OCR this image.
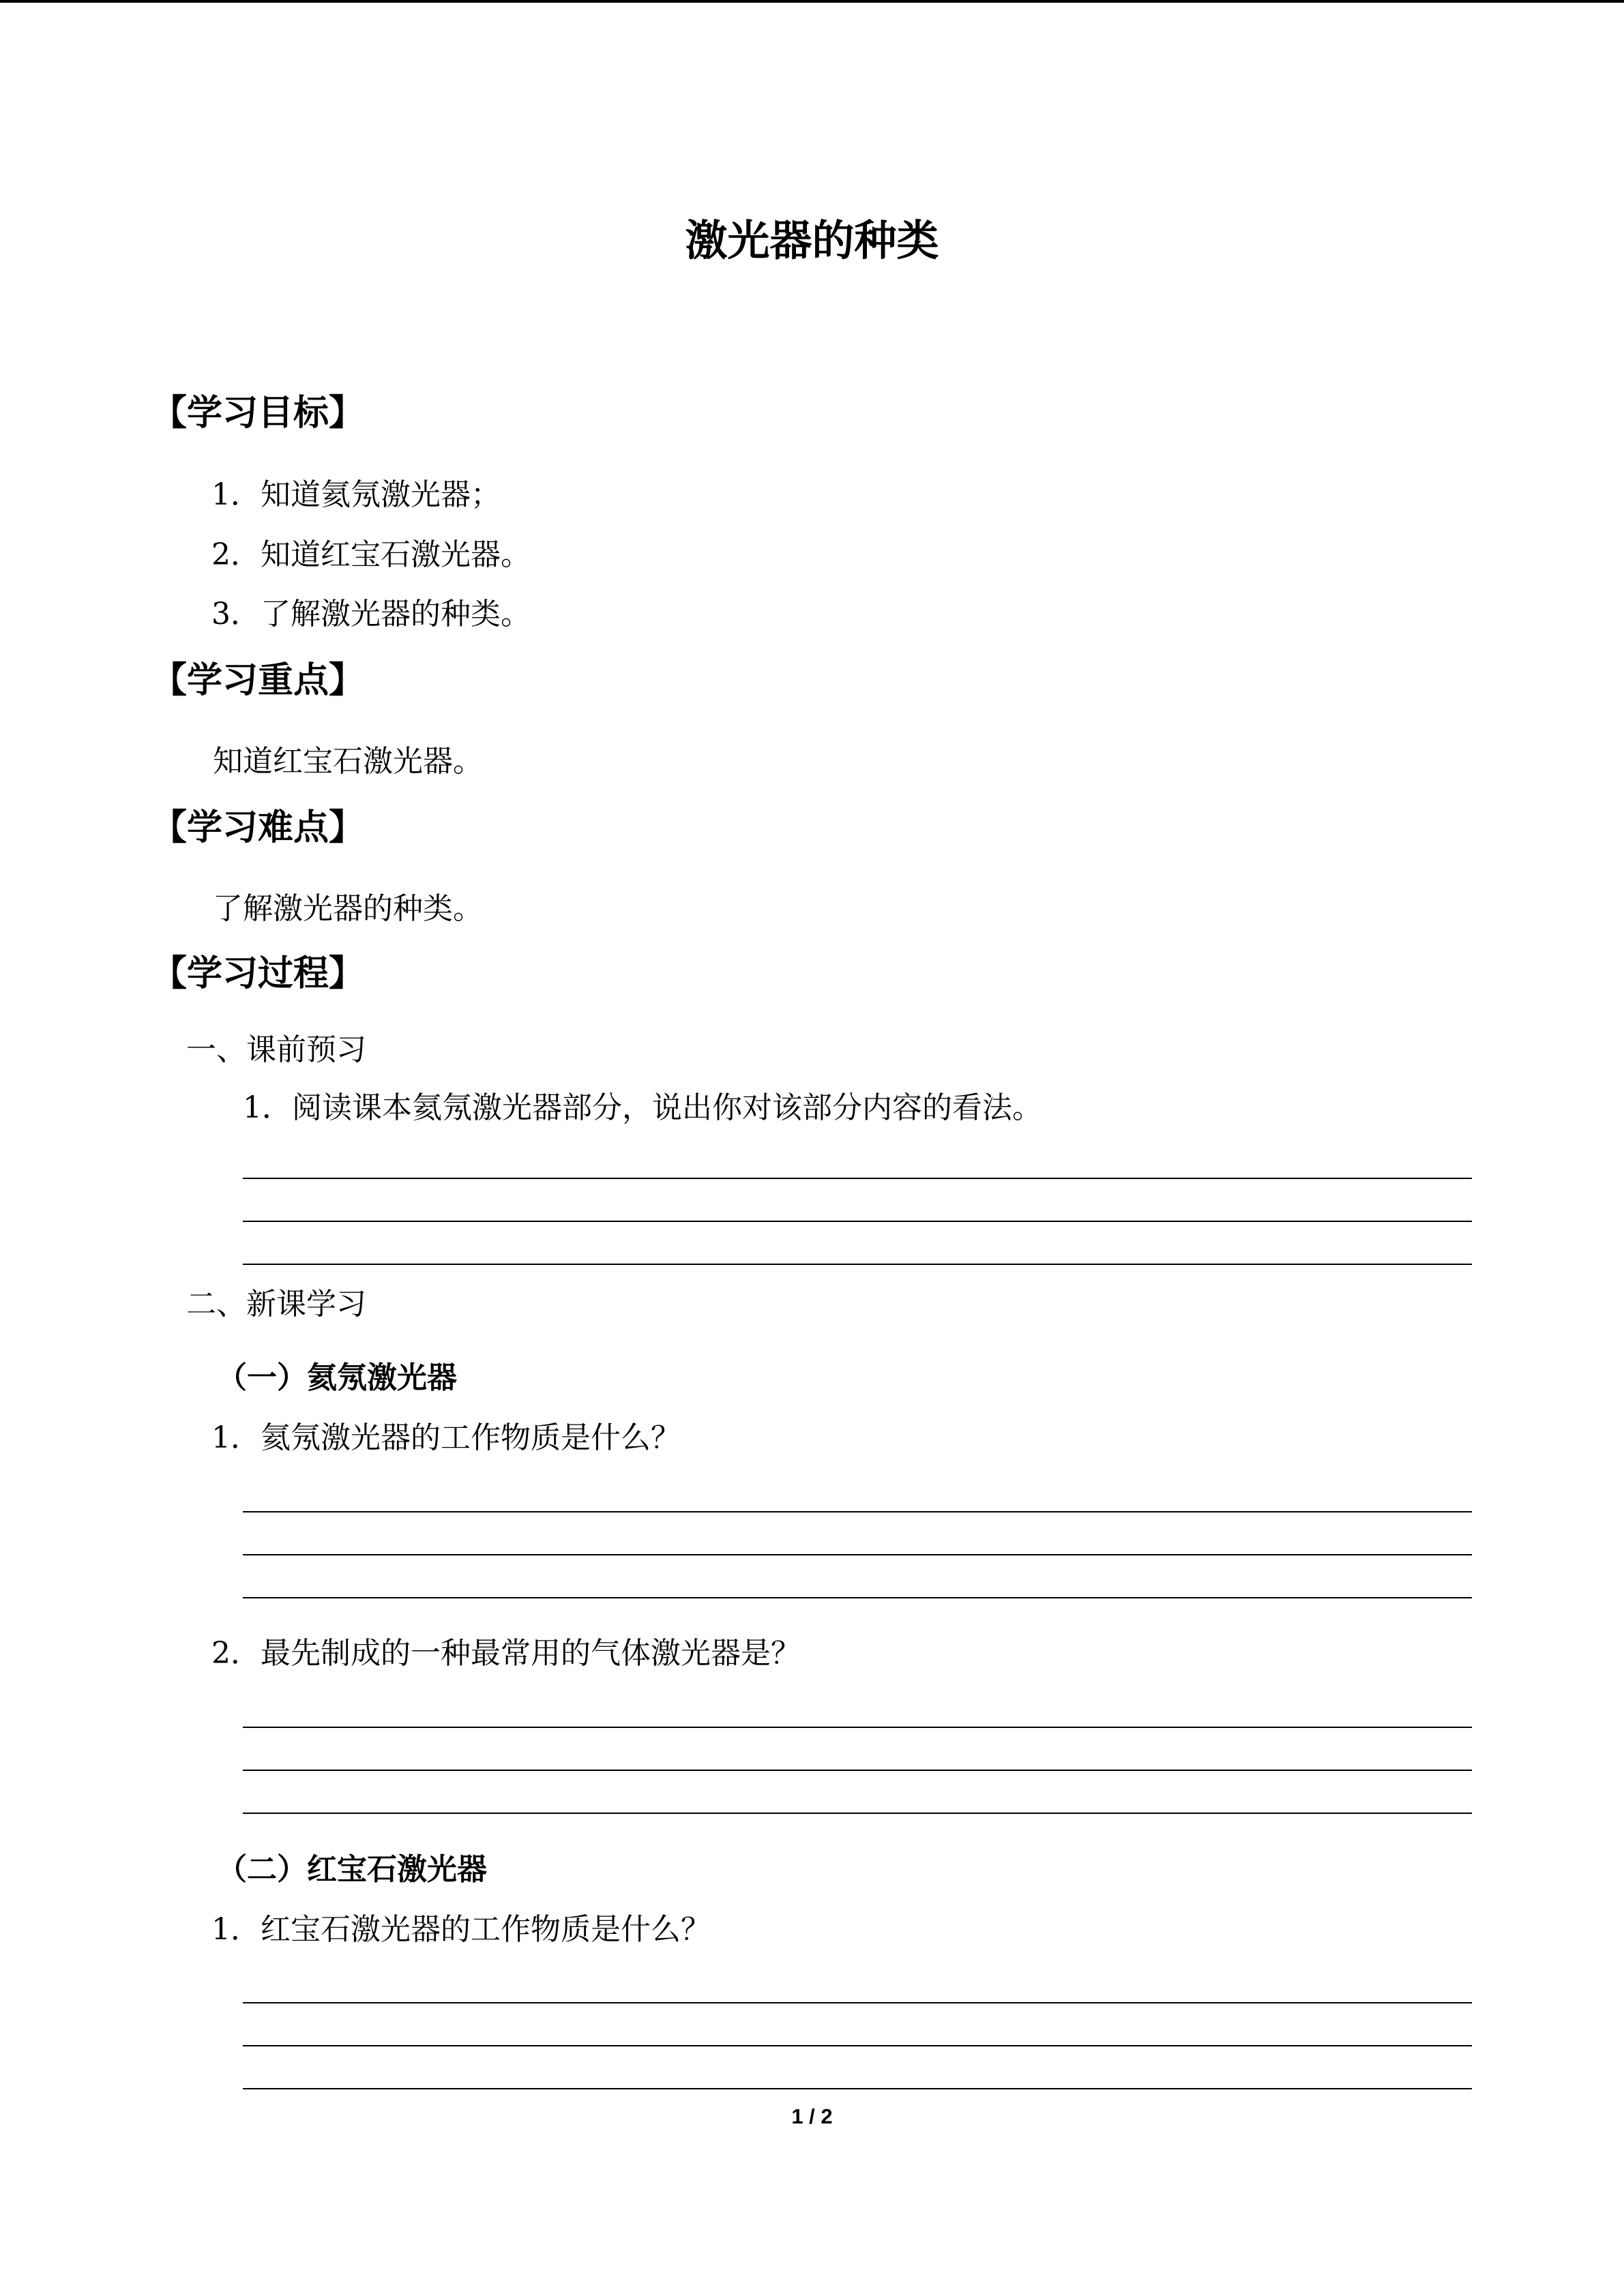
激光器的种类
【学习目标】
1．知道氦氖激光器；
2．知道红宝石激光器。
3．了解激光器的种类。
【学习重点】
知道红宝石激光器。
【学习难点】
了解激光器的种类。
【学习过程】
一、课前预习
1．阅读课本氦氖激光器部分，说出你对该部分内容的看法。
二、新课学习
（一）氦氖激光器
1．氦氖激光器的工作物质是什么？
2．最先制成的一种最常用的气体激光器是？
（二）红宝石激光器
1．红宝石激光器的工作物质是什么？
1 / 2
